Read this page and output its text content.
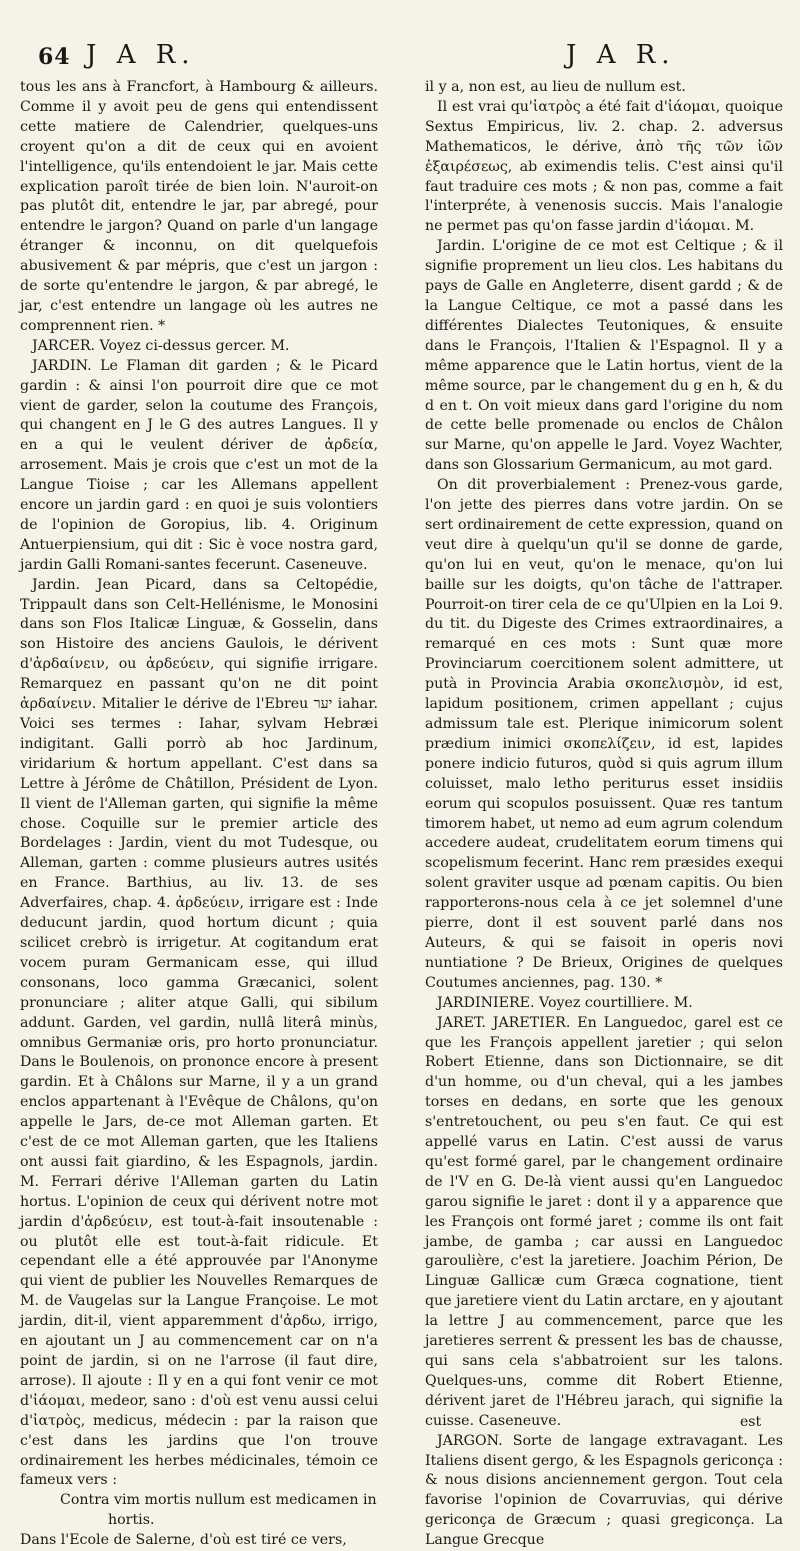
64 J A R.	J A R.

tous les ans à Francfort, à Hambourg & ailleurs. Comme il y avoit peu de gens qui entendissent cette matiere de Calendrier, quelques-uns croyent qu'on a dit de ceux qui en avoient l'intelligence, qu'ils entendoient le jar. Mais cette explication paroît tirée de bien loin. N'auroit-on pas plutôt dit, entendre le jar, par abregé, pour entendre le jargon? Quand on parle d'un langage étranger & inconnu, on dit quelquefois abusivement & par mépris, que c'est un jargon : de sorte qu'entendre le jargon, & par abregé, le jar, c'est entendre un langage où les autres ne comprennent rien. *

JARCER. Voyez ci-dessus gercer. M.

JARDIN. Le Flaman dit garden ; & le Picard gardin : & ainsi l'on pourroit dire que ce mot vient de garder, selon la coutume des François, qui changent en J le G des autres Langues. Il y en a qui le veulent dériver de ἀρδεία, arrosement. Mais je crois que c'est un mot de la Langue Tioise ; car les Allemans appellent encore un jardin gard : en quoi je suis volontiers de l'opinion de Goropius, lib. 4. Originum Antuerpiensium, qui dit : Sic è voce nostra gard, jardin Galli Romani-santes fecerunt. Caseneuve.

Jardin. Jean Picard, dans sa Celtopédie, Trippault dans son Celt-Hellénisme, le Monosini dans son Flos Italicæ Linguæ, & Gosselin, dans son Histoire des anciens Gaulois, le dérivent d'ἀρδαίνειν, ou ἀρδεύειν, qui signifie irrigare. Remarquez en passant qu'on ne dit point ἀρδαίνειν. Mitalier le dérive de l'Ebreu יער iahar. Voici ses termes : Iahar, sylvam Hebræi indigitant. Galli porrò ab hoc Jardinum, viridarium & hortum appellant. C'est dans sa Lettre à Jérôme de Châtillon, Président de Lyon. Il vient de l'Alleman garten, qui signifie la même chose. Coquille sur le premier article des Bordelages : Jardin, vient du mot Tudesque, ou Alleman, garten : comme plusieurs autres usités en France. Barthius, au liv. 13. de ses Adverfaires, chap. 4. ἀρδεύειν, irrigare est : Inde deducunt jardin, quod hortum dicunt ; quia scilicet crebrò is irrigetur. At cogitandum erat vocem puram Germanicam esse, qui illud consonans, loco gamma Græcanici, solent pronunciare ; aliter atque Galli, qui sibilum addunt. Garden, vel gardin, nullâ literâ minùs, omnibus Germaniæ oris, pro horto pronunciatur. Dans le Boulenois, on prononce encore à present gardin. Et à Châlons sur Marne, il y a un grand enclos appartenant à l'Evêque de Châlons, qu'on appelle le Jars, de-ce mot Alleman garten. Et c'est de ce mot Alleman garten, que les Italiens ont aussi fait giardino, & les Espagnols, jardin. M. Ferrari dérive l'Alleman garten du Latin hortus. L'opinion de ceux qui dérivent notre mot jardin d'ἀρδεύειν, est tout-à-fait insoutenable : ou plutôt elle est tout-à-fait ridicule. Et cependant elle a été approuvée par l'Anonyme qui vient de publier les Nouvelles Remarques de M. de Vaugelas sur la Langue Françoise. Le mot jardin, dit-il, vient apparemment d'ἀρδω, irrigo, en ajoutant un J au commencement car on n'a point de jardin, si on ne l'arrose (il faut dire, arrose). Il ajoute : Il y en a qui font venir ce mot d'ἰάομαι, medeor, sano : d'où est venu aussi celui d'ἰατρὸς, medicus, médecin : par la raison que c'est dans les jardins que l'on trouve ordinairement les herbes médicinales, témoin ce fameux vers :

Contra vim mortis nullum est medicamen in

hortis.

Dans l'Ecole de Salerne, d'où est tiré ce vers,

il y a, non est, au lieu de nullum est.

Il est vrai qu'ἰατρὸς a été fait d'ἰάομαι, quoique Sextus Empiricus, liv. 2. chap. 2. adversus Mathematicos, le dérive, ἀπὸ τῆς τῶν ἰῶν ἐξαιρέσεως, ab eximendis telis. C'est ainsi qu'il faut traduire ces mots ; & non pas, comme a fait l'interpréte, à venenosis succis. Mais l'analogie ne permet pas qu'on fasse jardin d'ἰάομαι. M.

Jardin. L'origine de ce mot est Celtique ; & il signifie proprement un lieu clos. Les habitans du pays de Galle en Angleterre, disent gardd ; & de la Langue Celtique, ce mot a passé dans les différentes Dialectes Teutoniques, & ensuite dans le François, l'Italien & l'Espagnol. Il y a même apparence que le Latin hortus, vient de la même source, par le changement du g en h, & du d en t. On voit mieux dans gard l'origine du nom de cette belle promenade ou enclos de Châlon sur Marne, qu'on appelle le Jard. Voyez Wachter, dans son Glossarium Germanicum, au mot gard.

On dit proverbialement : Prenez-vous garde, l'on jette des pierres dans votre jardin. On se sert ordinairement de cette expression, quand on veut dire à quelqu'un qu'il se donne de garde, qu'on lui en veut, qu'on le menace, qu'on lui baille sur les doigts, qu'on tâche de l'attraper. Pourroit-on tirer cela de ce qu'Ulpien en la Loi 9. du tit. du Digeste des Crimes extraordinaires, a remarqué en ces mots : Sunt quæ more Provinciarum coercitionem solent admittere, ut putà in Provincia Arabia σκοπελισμὸν, id est, lapidum positionem, crimen appellant ; cujus admissum tale est. Plerique inimicorum solent prædium inimici σκοπελίζειν, id est, lapides ponere indicio futuros, quòd si quis agrum illum coluisset, malo letho periturus esset insidiis eorum qui scopulos posuissent. Quæ res tantum timorem habet, ut nemo ad eum agrum colendum accedere audeat, crudelitatem eorum timens qui scopelismum fecerint. Hanc rem præsides exequi solent graviter usque ad pœnam capitis. Ou bien rapporterons-nous cela à ce jet solemnel d'une pierre, dont il est souvent parlé dans nos Auteurs, & qui se faisoit in operis novi nuntiatione ? De Brieux, Origines de quelques Coutumes anciennes, pag. 130. *

JARDINIERE. Voyez courtilliere. M.

JARET. JARETIER. En Languedoc, garel est ce que les François appellent jaretier ; qui selon Robert Etienne, dans son Dictionnaire, se dit d'un homme, ou d'un cheval, qui a les jambes torses en dedans, en sorte que les genoux s'entretouchent, ou peu s'en faut. Ce qui est appellé varus en Latin. C'est aussi de varus qu'est formé garel, par le changement ordinaire de l'V en G. De-là vient aussi qu'en Languedoc garou signifie le jaret : dont il y a apparence que les François ont formé jaret ; comme ils ont fait jambe, de gamba ; car aussi en Languedoc garoulière, c'est la jaretiere. Joachim Périon, De Linguæ Gallicæ cum Græca cognatione, tient que jaretiere vient du Latin arctare, en y ajoutant la lettre J au commencement, parce que les jaretieres serrent & pressent les bas de chausse, qui sans cela s'abbatroient sur les talons. Quelques-uns, comme dit Robert Etienne, dérivent jaret de l'Hébreu jarach, qui signifie la cuisse. Caseneuve.

JARGON. Sorte de langage extravagant. Les Italiens disent gergo, & les Espagnols gericonça : & nous disions anciennement gergon. Tout cela favorise l'opinion de Covarruvias, qui dérive gericonça de Græcum ; quasi gregiconça. La Langue Grecque

est
